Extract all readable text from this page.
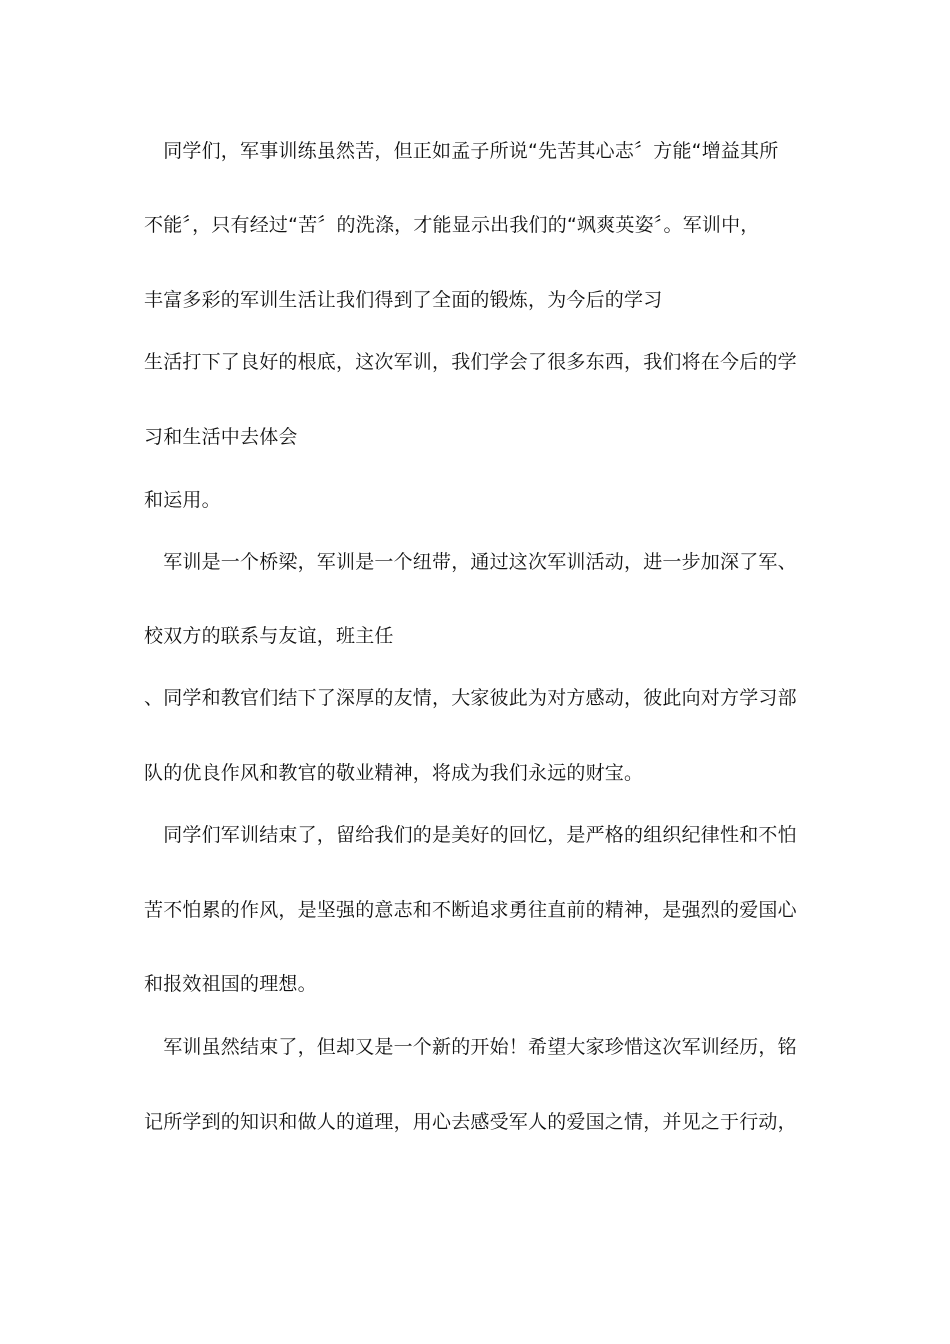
　同学们，军事训练虽然苦，但正如孟子所说“先苦其心志〞方能“增益其所
不能〞，只有经过“苦〞的洗涤，才能显示出我们的“飒爽英姿〞。军训中，
丰富多彩的军训生活让我们得到了全面的锻炼，为今后的学习
生活打下了良好的根底，这次军训，我们学会了很多东西，我们将在今后的学
习和生活中去体会
和运用。
　军训是一个桥梁，军训是一个纽带，通过这次军训活动，进一步加深了军、
校双方的联系与友谊，班主任
、同学和教官们结下了深厚的友情，大家彼此为对方感动，彼此向对方学习部
队的优良作风和教官的敬业精神，将成为我们永远的财宝。
　同学们军训结束了，留给我们的是美好的回忆，是严格的组织纪律性和不怕
苦不怕累的作风，是坚强的意志和不断追求勇往直前的精神，是强烈的爱国心
和报效祖国的理想。
　军训虽然结束了，但却又是一个新的开始！希望大家珍惜这次军训经历，铭
记所学到的知识和做人的道理，用心去感受军人的爱国之情，并见之于行动，
